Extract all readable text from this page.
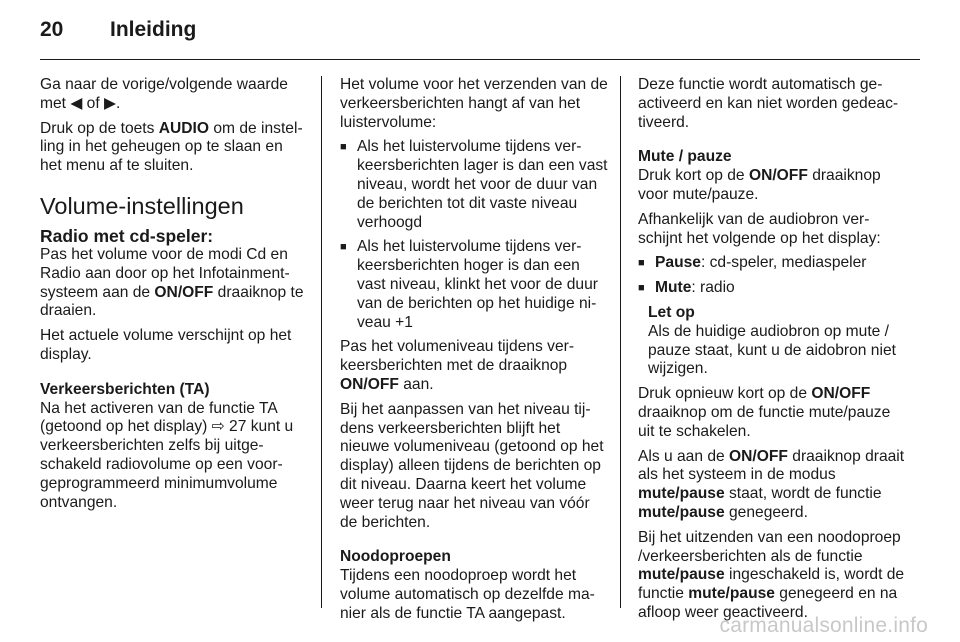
20	Inleiding

Ga naar de vorige/volgende waarde met ◀ of ▶.

Druk op de toets AUDIO om de instelling in het geheugen op te slaan en het menu af te sluiten.

Volume-instellingen
Radio met cd-speler:

Pas het volume voor de modi Cd en Radio aan door op het Infotainmentsysteem aan de ON/OFF draaiknop te draaien.

Het actuele volume verschijnt op het display.

Verkeersberichten (TA)

Na het activeren van de functie TA (getoond op het display) ⇨ 27 kunt u verkeersberichten zelfs bij uitgeschakeld radiovolume op een voorgeprogrammeerd minimumvolume ontvangen.

Het volume voor het verzenden van de verkeersberichten hangt af van het luistervolume:

■ Als het luistervolume tijdens verkeersberichten lager is dan een vast niveau, wordt het voor de duur van de berichten tot dit vaste niveau verhoogd
■ Als het luistervolume tijdens verkeersberichten hoger is dan een vast niveau, klinkt het voor de duur van de berichten op het huidige niveau +1

Pas het volumeniveau tijdens verkeersberichten met de draaiknop ON/OFF aan.

Bij het aanpassen van het niveau tijdens verkeersberichten blijft het nieuwe volumeniveau (getoond op het display) alleen tijdens de berichten op dit niveau. Daarna keert het volume weer terug naar het niveau van vóór de berichten.

Noodoproepen

Tijdens een noodoproep wordt het volume automatisch op dezelfde manier als de functie TA aangepast.

Deze functie wordt automatisch geactiveerd en kan niet worden gedeactiveerd.

Mute / pauze

Druk kort op de ON/OFF draaiknop voor mute/pauze.

Afhankelijk van de audiobron verschijnt het volgende op het display:

■ Pause: cd-speler, mediaspeler
■ Mute: radio
Let op
Als de huidige audiobron op mute / pauze staat, kunt u de aidobron niet wijzigen.

Druk opnieuw kort op de ON/OFF draaiknop om de functie mute/pauze uit te schakelen.

Als u aan de ON/OFF draaiknop draait als het systeem in de modus mute/pause staat, wordt de functie mute/pause genegeerd.

Bij het uitzenden van een noodoproep /verkeersberichten als de functie mute/pause ingeschakeld is, wordt de functie mute/pause genegeerd en na afloop weer geactiveerd.

carmanualsonline.info
